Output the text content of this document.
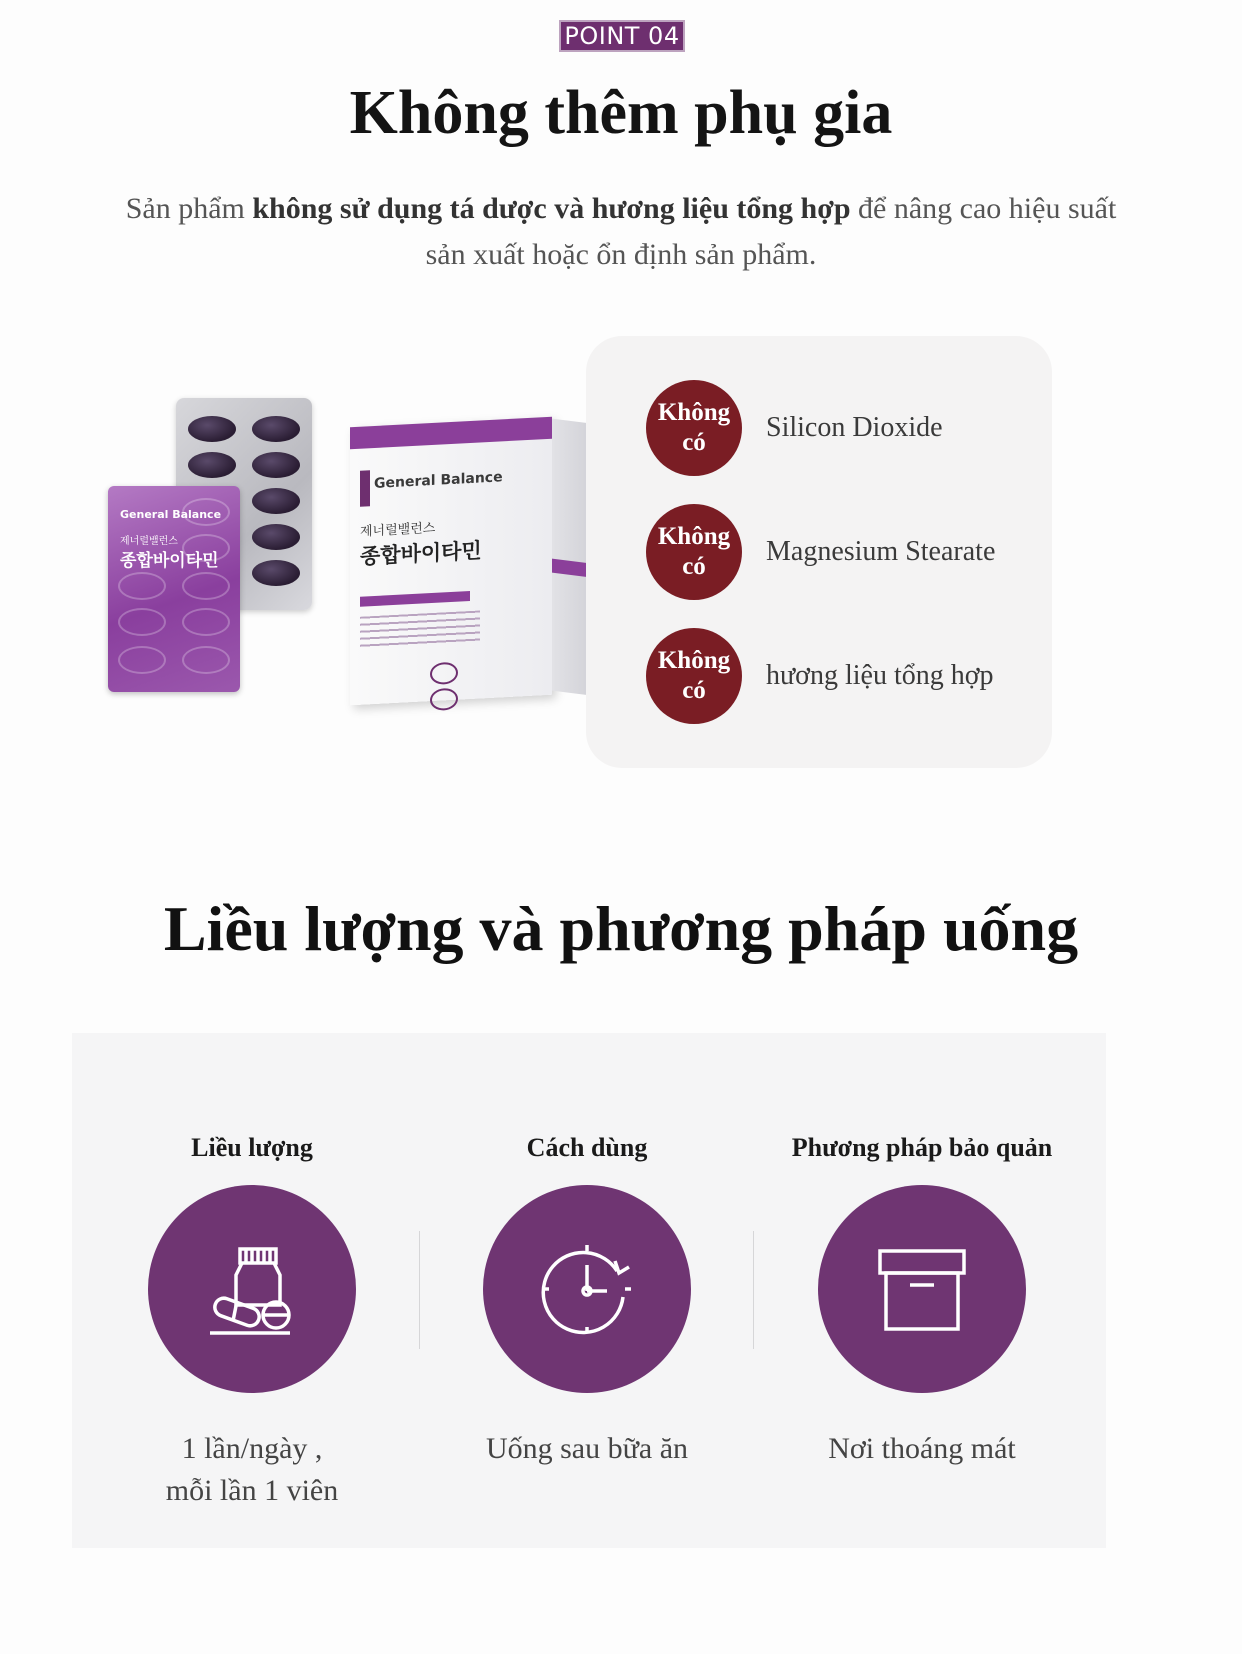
POINT 04
Không thêm phụ gia
Sản phẩm không sử dụng tá dược và hương liệu tổng hợp để nâng cao hiệu suất sản xuất hoặc ổn định sản phẩm.
General Balance
제너럴밸런스
종합바이타민
General Balance
제너럴밸런스
종합바이타민
Không
có	Silicon Dioxide
Không
có	Magnesium Stearate
Không
có	hương liệu tổng hợp
Liều lượng và phương pháp uống
Liều lượng
1 lần/ngày ,
mỗi lần 1 viên
Cách dùng
Uống sau bữa ăn
Phương pháp bảo quản
Nơi thoáng mát
